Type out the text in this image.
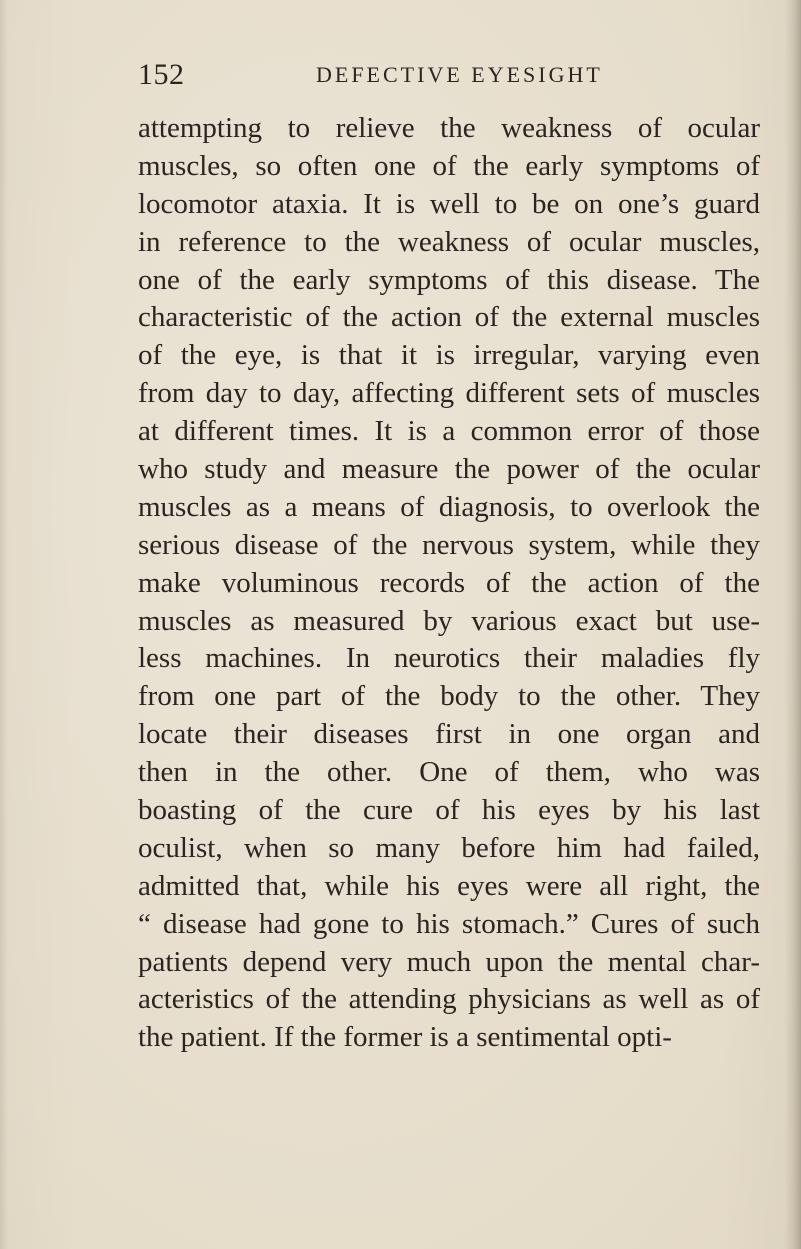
152	DEFECTIVE EYESIGHT
attempting to relieve the weakness of ocular
muscles, so often one of the early symptoms of
locomotor ataxia. It is well to be on one’s guard
in reference to the weakness of ocular muscles,
one of the early symptoms of this disease. The
characteristic of the action of the external muscles
of the eye, is that it is irregular, varying even
from day to day, affecting different sets of muscles
at different times. It is a common error of those
who study and measure the power of the ocular
muscles as a means of diagnosis, to overlook the
serious disease of the nervous system, while they
make voluminous records of the action of the
muscles as measured by various exact but use-
less machines. In neurotics their maladies fly
from one part of the body to the other. They
locate their diseases first in one organ and
then in the other. One of them, who was
boasting of the cure of his eyes by his last
oculist, when so many before him had failed,
admitted that, while his eyes were all right, the
“ disease had gone to his stomach.” Cures of such
patients depend very much upon the mental char-
acteristics of the attending physicians as well as of
the patient. If the former is a sentimental opti-
